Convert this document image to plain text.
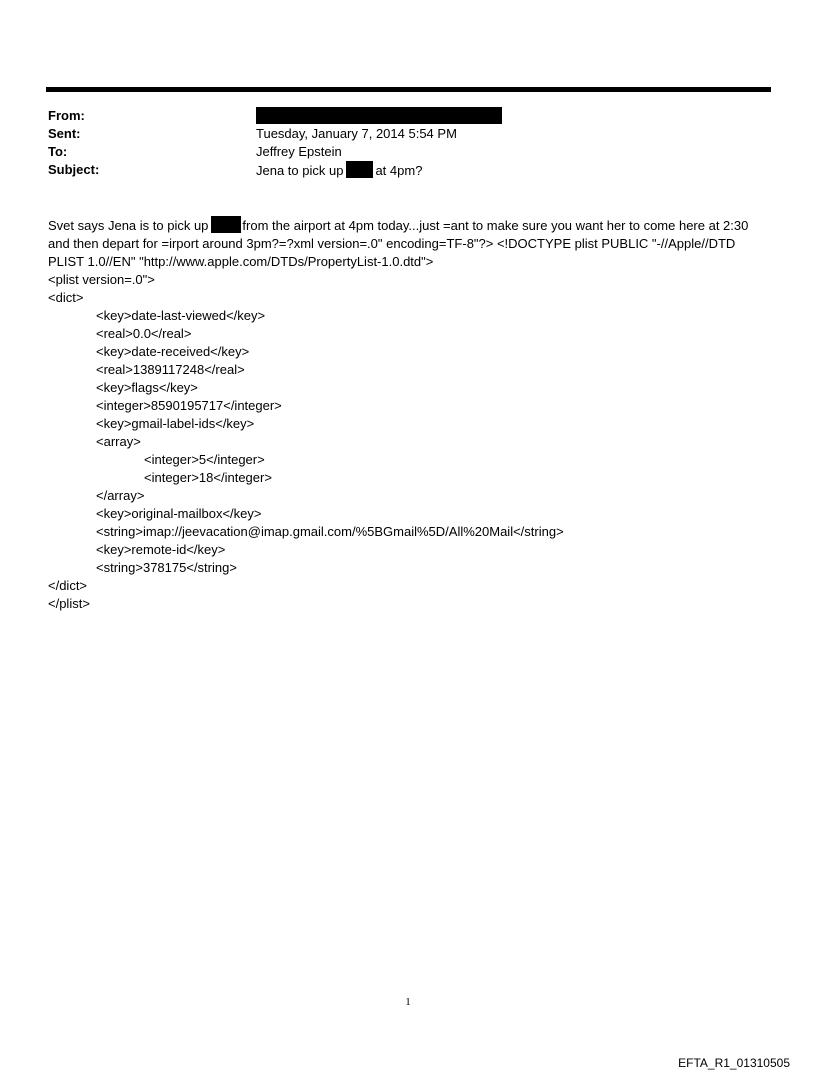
From:
Sent:	Tuesday, January 7, 2014 5:54 PM
To:	Jeffrey Epstein
Subject:	Jena to pick up at 4pm?

Svet says Jena is to pick up	from the airport at 4pm today...just =ant to make sure you want her to come here at 2:30 and then depart for =irport around 3pm?=?xml version=.0" encoding=TF-8"?> <!DOCTYPE plist PUBLIC "-//Apple//DTD PLIST 1.0//EN" "http://www.apple.com/DTDs/PropertyList-1.0.dtd">

<plist version=.0">
<dict>
<key>date-last-viewed</key>
<real>0.0</real>
<key>date-received</key>
<real>1389117248</real>
<key>flags</key>
<integer>8590195717</integer>
<key>gmail-label-ids</key>
<array>
<integer>5</integer>
<integer>18</integer>
</array>
<key>original-mailbox</key>
<string>imap://jeevacation@imap.gmail.com/%5BGmail%5D/All%20Mail</string>
<key>remote-id</key>
<string>378175</string>
</dict>
</plist>
1
EFTA_R1_01310505
